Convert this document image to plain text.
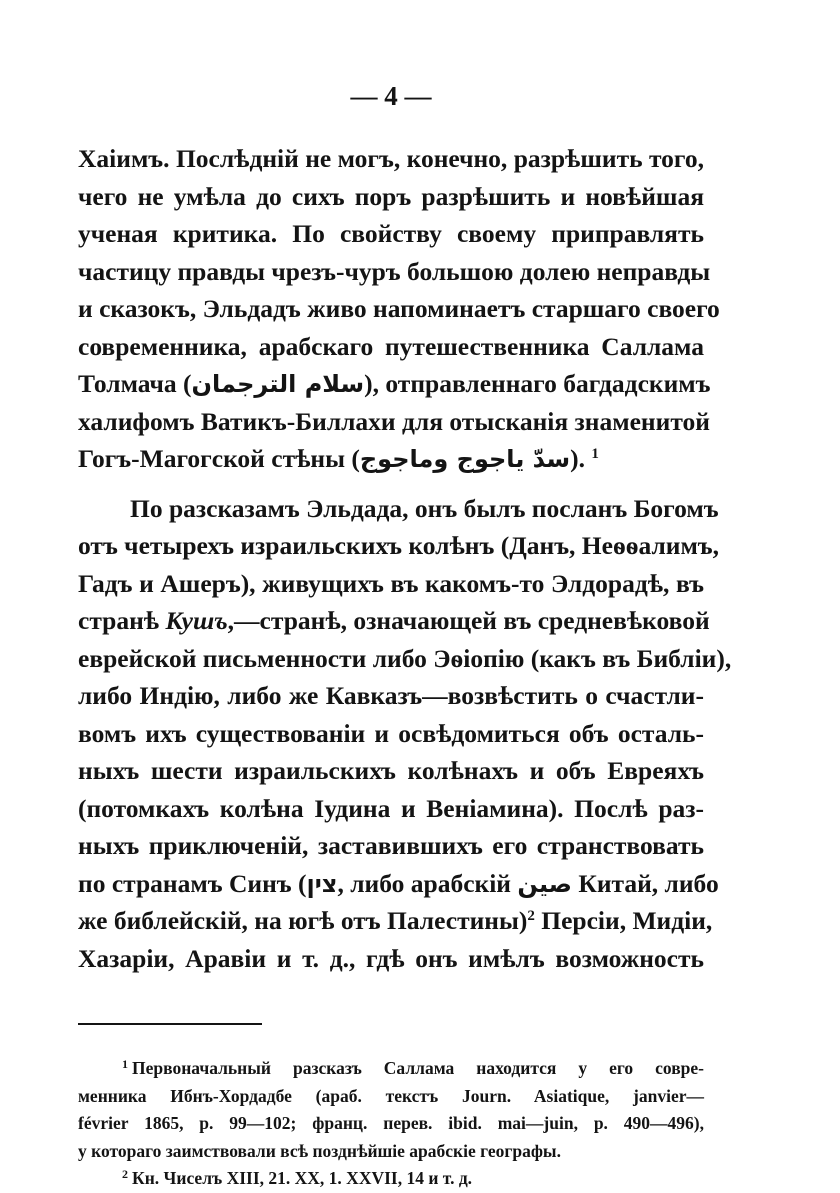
— 4 —
Хаіимъ. Послѣдній не могъ, конечно, разрѣшить того,
чего не умѣла до сихъ поръ разрѣшить и новѣйшая
ученая критика. По свойству своему приправлять
частицу правды чрезъ-чуръ большою долею неправды
и сказокъ, Эльдадъ живо напоминаетъ старшаго своего
современника, арабскаго путешественника Саллама
Толмача (سلام الترجمان), отправленнаго багдадскимъ
халифомъ Ватикъ-Биллахи для отысканія знаменитой
Гогъ-Магогской стѣны (سدّ ياجوج وماجوج). $^1$
По разсказамъ Эльдада, онъ былъ посланъ Богомъ
отъ четырехъ израильскихъ колѣнъ (Данъ, Неѳѳалимъ,
Гадъ и Ашеръ), живущихъ въ какомъ-то Элдорадѣ, въ
странѣ Кушъ,—странѣ, означающей въ средневѣковой
еврейской письменности либо Эѳіопію (какъ въ Библіи),
либо Индію, либо же Кавказъ—возвѣстить о счастли-
вомъ ихъ существованіи и освѣдомиться объ осталь-
ныхъ шести израильскихъ колѣнахъ и объ Евреяхъ
(потомкахъ колѣна Іудина и Веніамина). Послѣ раз-
ныхъ приключеній, заставившихъ его странствовать
по странамъ Синъ (צין, либо арабскій صين Китай, либо
же библейскій, на югѣ отъ Палестины)$^2$ Персіи, Мидіи,
Хазаріи, Аравіи и т. д., гдѣ онъ имѣлъ возможность
$^1$ Первоначальный разсказъ Саллама находится у его совре-
менника Ибнъ-Хордадбе (араб. текстъ Journ. Asiatique, janvier—
février 1865, p. 99—102; франц. перев. ibid. mai—juin, p. 490—496),
у котораго заимствовали всѣ позднѣйшіе арабскіе географы.
$^2$ Кн. Чиселъ XIII, 21. XX, 1. XXVII, 14 и т. д.
